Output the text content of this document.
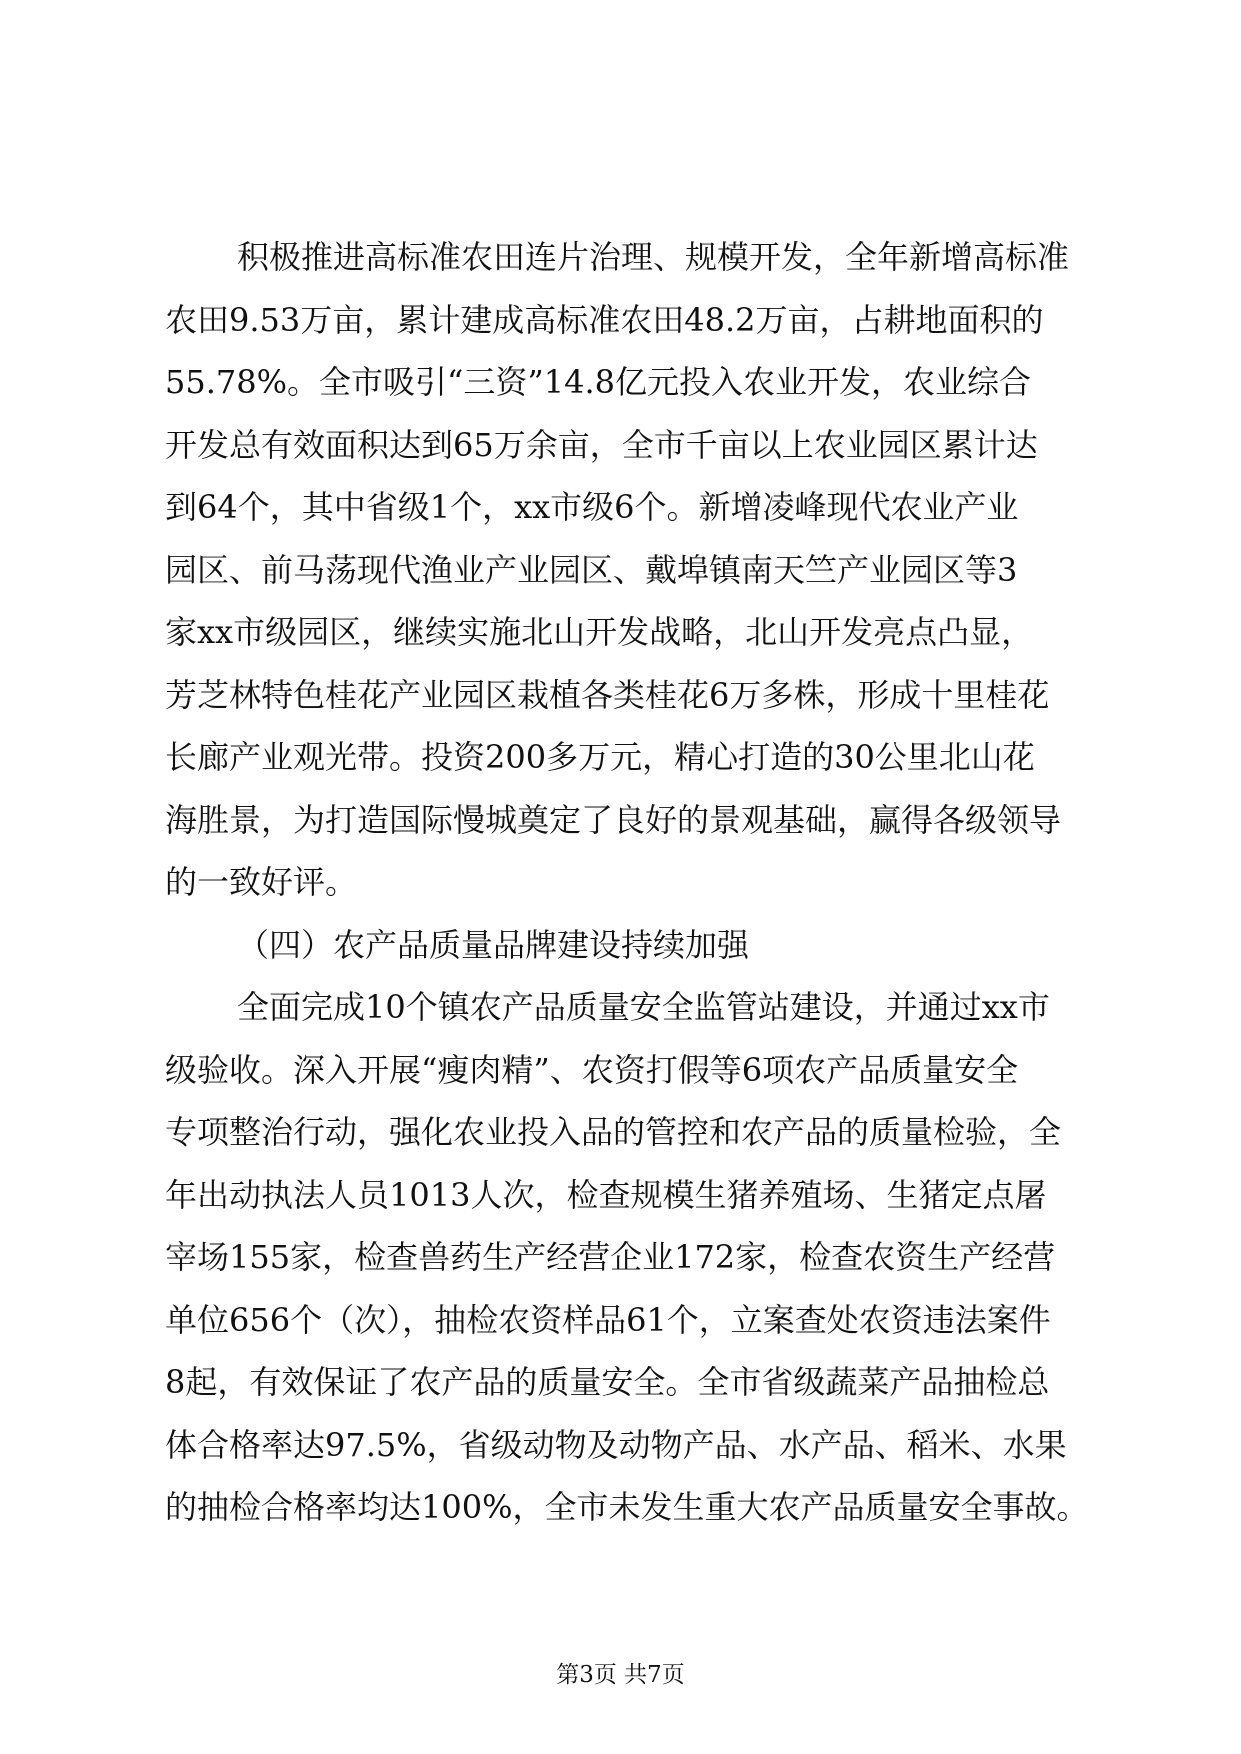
积极推进高标准农田连片治理、规模开发，全年新增高标准
农田9.53万亩，累计建成高标准农田48.2万亩，占耕地面积的
55.78%。全市吸引“三资”14.8亿元投入农业开发，农业综合
开发总有效面积达到65万余亩，全市千亩以上农业园区累计达
到64个，其中省级1个，xx市级6个。新增凌峰现代农业产业
园区、前马荡现代渔业产业园区、戴埠镇南天竺产业园区等3
家xx市级园区，继续实施北山开发战略，北山开发亮点凸显，
芳芝林特色桂花产业园区栽植各类桂花6万多株，形成十里桂花
长廊产业观光带。投资200多万元，精心打造的30公里北山花
海胜景，为打造国际慢城奠定了良好的景观基础，赢得各级领导
的一致好评。
（四）农产品质量品牌建设持续加强
全面完成10个镇农产品质量安全监管站建设，并通过xx市
级验收。深入开展“瘦肉精”、农资打假等6项农产品质量安全
专项整治行动，强化农业投入品的管控和农产品的质量检验，全
年出动执法人员1013人次，检查规模生猪养殖场、生猪定点屠
宰场155家，检查兽药生产经营企业172家，检查农资生产经营
单位656个（次），抽检农资样品61个，立案查处农资违法案件
8起，有效保证了农产品的质量安全。全市省级蔬菜产品抽检总
体合格率达97.5%，省级动物及动物产品、水产品、稻米、水果
的抽检合格率均达100%，全市未发生重大农产品质量安全事故。
第3页 共7页
